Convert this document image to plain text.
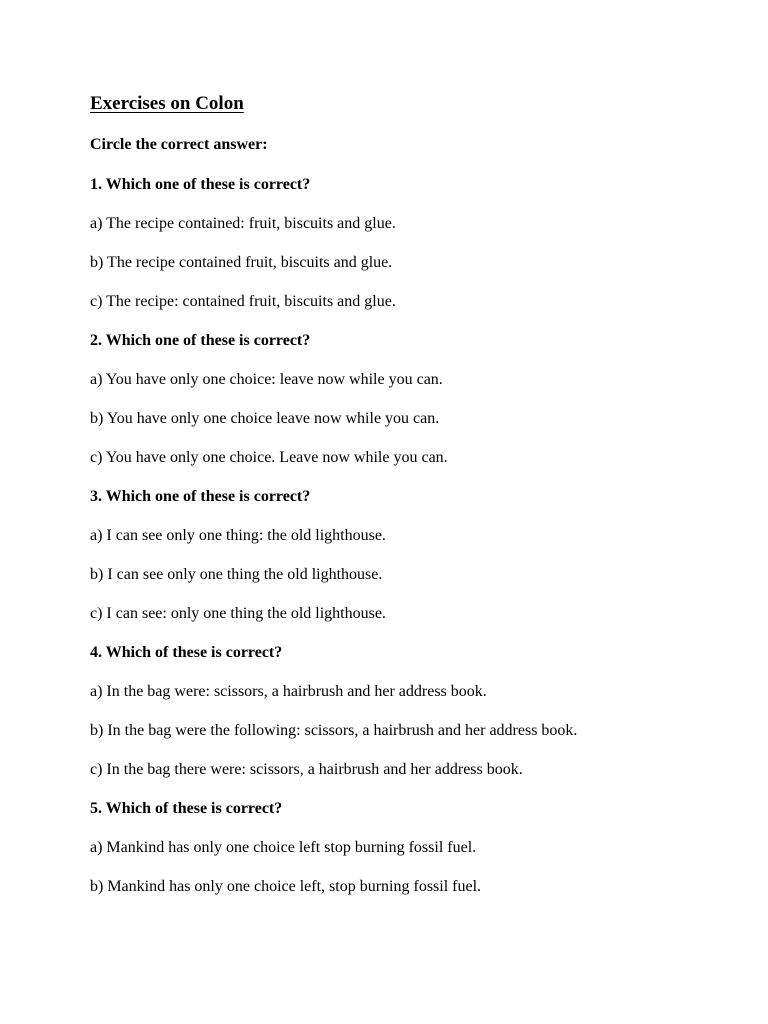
Exercises on Colon
Circle the correct answer:
1. Which one of these is correct?
a) The recipe contained: fruit, biscuits and glue.
b) The recipe contained fruit, biscuits and glue.
c) The recipe: contained fruit, biscuits and glue.
2. Which one of these is correct?
a) You have only one choice: leave now while you can.
b) You have only one choice leave now while you can.
c) You have only one choice. Leave now while you can.
3. Which one of these is correct?
a) I can see only one thing: the old lighthouse.
b) I can see only one thing the old lighthouse.
c) I can see: only one thing the old lighthouse.
4. Which of these is correct?
a) In the bag were: scissors, a hairbrush and her address book.
b) In the bag were the following: scissors, a hairbrush and her address book.
c) In the bag there were: scissors, a hairbrush and her address book.
5. Which of these is correct?
a) Mankind has only one choice left stop burning fossil fuel.
b) Mankind has only one choice left, stop burning fossil fuel.
